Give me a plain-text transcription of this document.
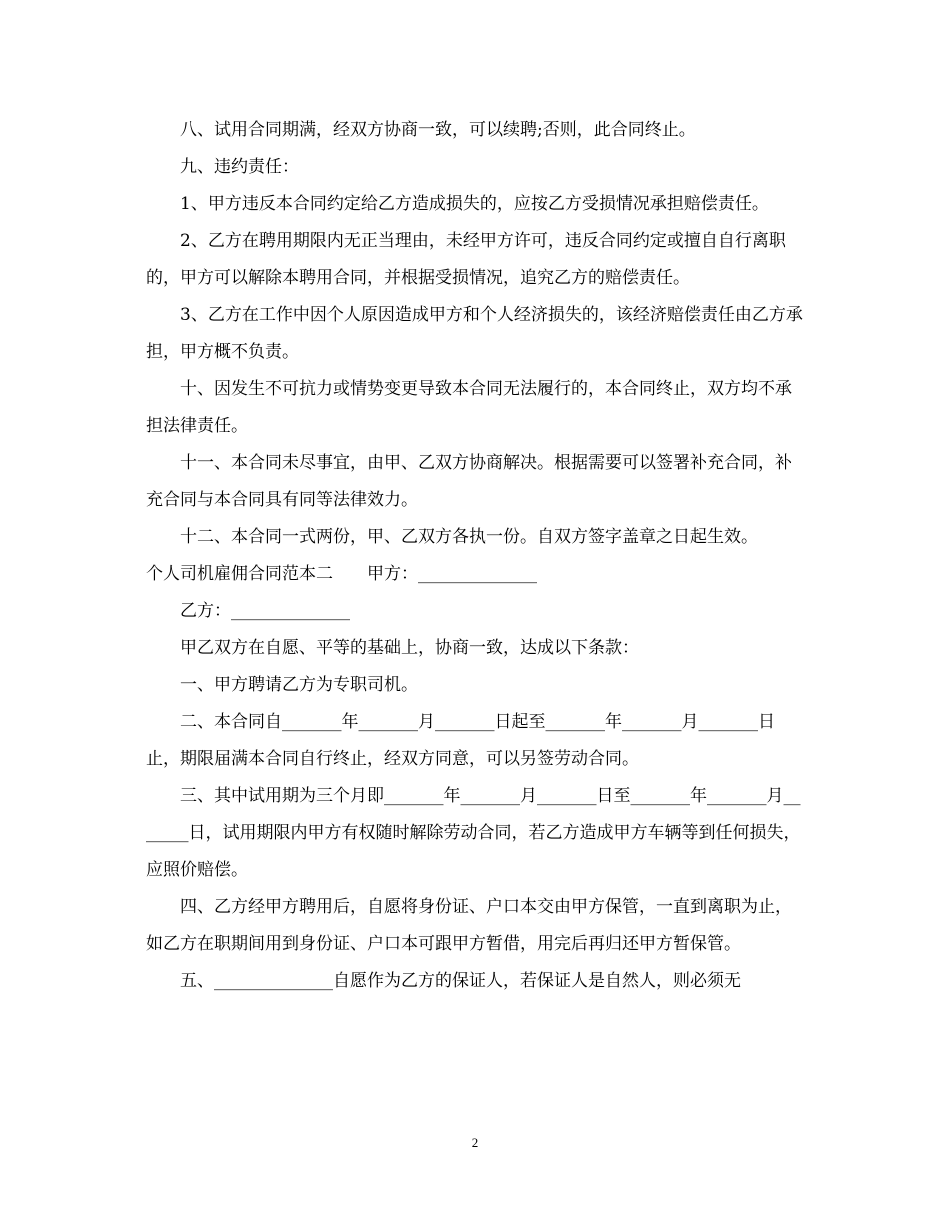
八、试用合同期满，经双方协商一致，可以续聘;否则，此合同终止。

九、违约责任：

1、甲方违反本合同约定给乙方造成损失的，应按乙方受损情况承担赔偿责任。

2、乙方在聘用期限内无正当理由，未经甲方许可，违反合同约定或擅自自行离职的，甲方可以解除本聘用合同，并根据受损情况，追究乙方的赔偿责任。

3、乙方在工作中因个人原因造成甲方和个人经济损失的，该经济赔偿责任由乙方承担，甲方概不负责。

十、因发生不可抗力或情势变更导致本合同无法履行的，本合同终止，双方均不承担法律责任。

十一、本合同未尽事宜，由甲、乙双方协商解决。根据需要可以签署补充合同，补充合同与本合同具有同等法律效力。

十二、本合同一式两份，甲、乙双方各执一份。自双方签字盖章之日起生效。

个人司机雇佣合同范本二　　甲方：______________

乙方：______________

甲乙双方在自愿、平等的基础上，协商一致，达成以下条款：

一、甲方聘请乙方为专职司机。

二、本合同自_______年_______月_______日起至_______年_______月_______日止，期限届满本合同自行终止，经双方同意，可以另签劳动合同。

三、其中试用期为三个月即_______年_______月_______日至_______年_______月_______日，试用期限内甲方有权随时解除劳动合同，若乙方造成甲方车辆等到任何损失，应照价赔偿。

四、乙方经甲方聘用后，自愿将身份证、户口本交由甲方保管，一直到离职为止，如乙方在职期间用到身份证、户口本可跟甲方暂借，用完后再归还甲方暂保管。

五、______________自愿作为乙方的保证人，若保证人是自然人，则必须无

2
